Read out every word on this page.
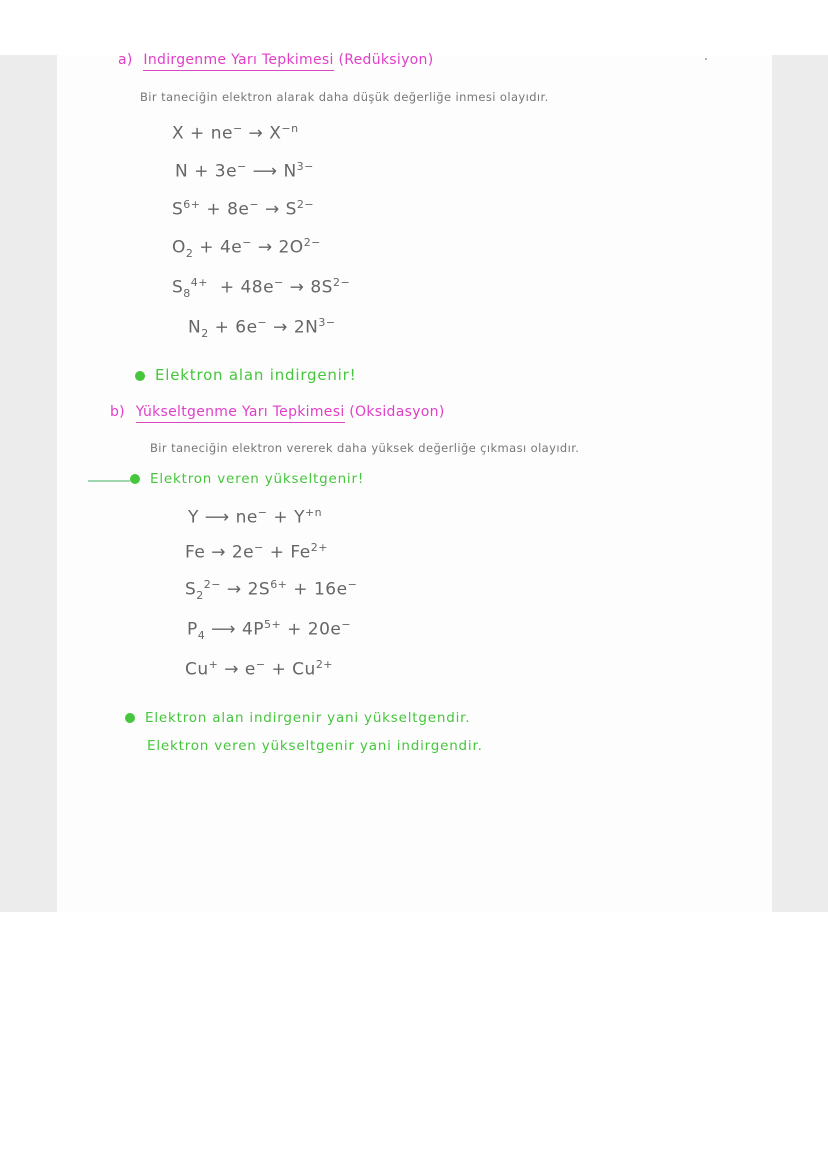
a) Indirgenme Yarı Tepkimesi (Redüksiyon)
Bir taneciğin elektron alarak daha düşük değerliğe inmesi olayıdır.
$X + ne^- \to X^{-n}$
N + 3e− ⟶ $N^{3-}$
$S^{6+} + 8e^- \to S^{2-}$
$O_2 + 4e^- \to 2O^{2-}$
$S_8^{4+} + 48e^- \to 8S^{2-}$
$N_2 + 6e^- \to 2N^{3-}$
Elektron alan indirgenir!
b) Yükseltgenme Yarı Tepkimesi (Oksidasyon)
Bir taneciğin elektron vererek daha yüksek değerliğe çıkması olayıdır.
Elektron veren yükseltgenir!
Y ⟶ $ne^- + Y^{+n}$
$Fe \to 2e^- + Fe^{2+}$
$S_2^{2-} \to 2S^{6+} + 16e^-$
$P_4$ ⟶ $4P^{5+} + 20e^-$
$Cu^+ \to e^- + Cu^{2+}$
Elektron alan indirgenir yani yükseltgendir.
Elektron veren yükseltgenir yani indirgendir.
